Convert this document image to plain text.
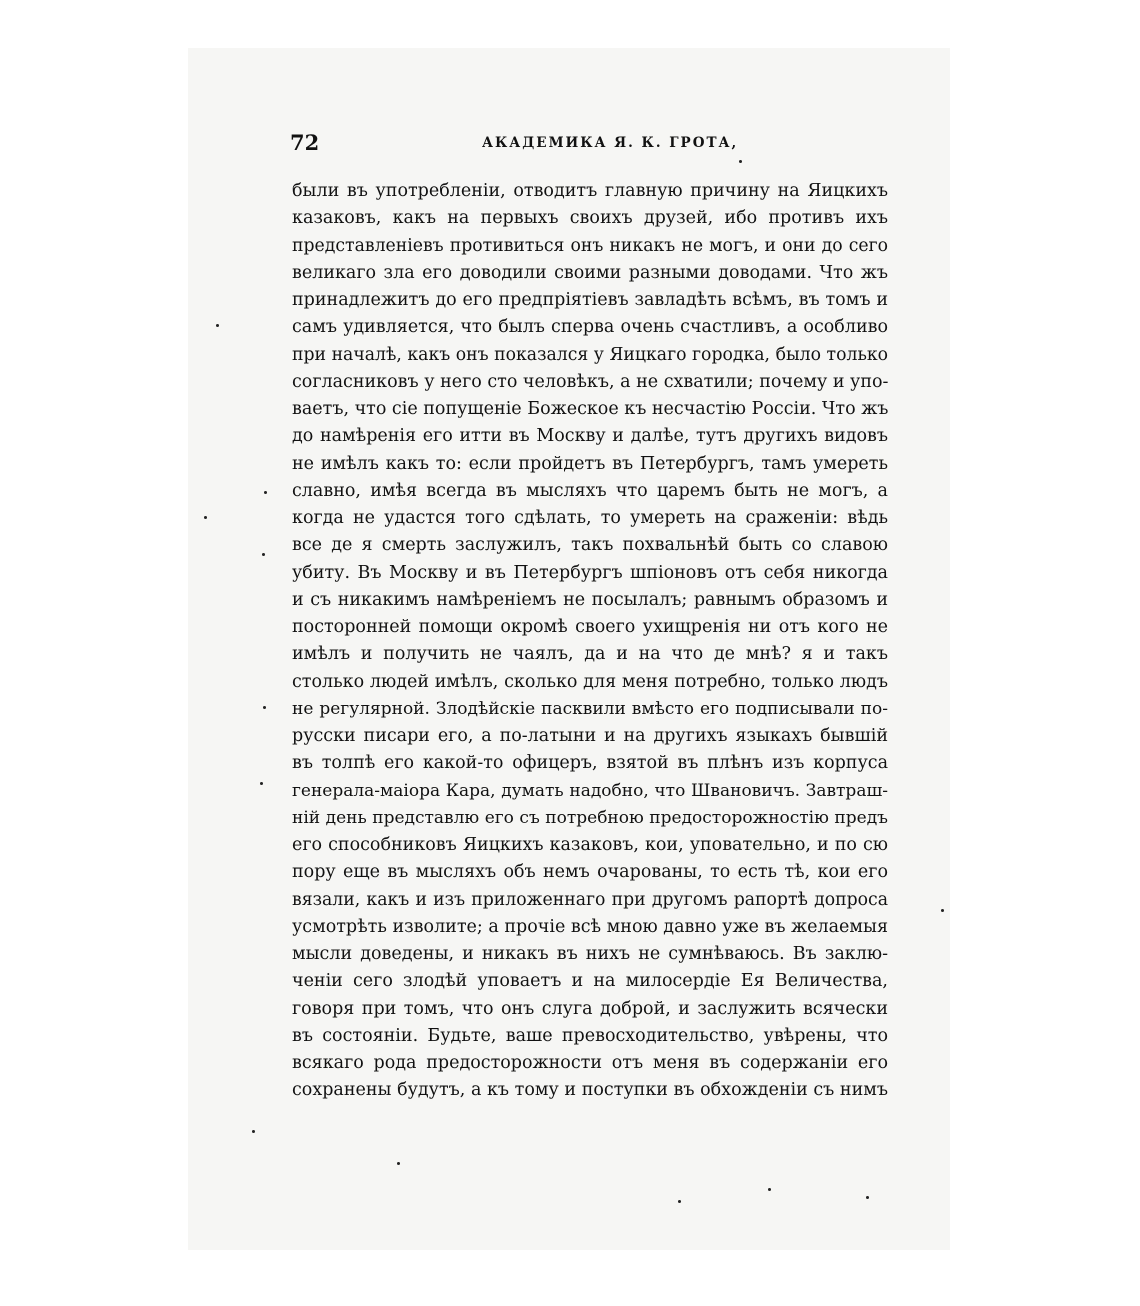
72	АКАДЕМИКА Я. К. ГРОТА,
были въ употребленіи, отводитъ главную причину на Яицкихъ
казаковъ, какъ на первыхъ своихъ друзей, ибо противъ ихъ
представленіевъ противиться онъ никакъ не могъ, и они до сего
великаго зла его доводили своими разными доводами. Что жъ
принадлежитъ до его предпріятіевъ завладѣть всѣмъ, въ томъ и
самъ удивляется, что былъ сперва очень счастливъ, а особливо
при началѣ, какъ онъ показался у Яицкаго городка, было только
согласниковъ у него сто человѣкъ, а не схватили; почему и упо-
ваетъ, что сіе попущеніе Божеское къ несчастію Россіи. Что жъ
до намѣренія его итти въ Москву и далѣе, тутъ другихъ видовъ
не имѣлъ какъ то: если пройдетъ въ Петербургъ, тамъ умереть
славно, имѣя всегда въ мысляхъ что царемъ быть не могъ, а
когда не удастся того сдѣлать, то умереть на сраженіи: вѣдь
все де я смерть заслужилъ, такъ похвальнѣй быть со славою
убиту. Въ Москву и въ Петербургъ шпіоновъ отъ себя никогда
и съ никакимъ намѣреніемъ не посылалъ; равнымъ образомъ и
посторонней помощи окромѣ своего ухищренія ни отъ кого не
имѣлъ и получить не чаялъ, да и на что де мнѣ? я и такъ
столько людей имѣлъ, сколько для меня потребно, только людъ
не регулярной. Злодѣйскіе пасквили вмѣсто его подписывали по-
русски писари его, а по-латыни и на другихъ языкахъ бывшій
въ толпѣ его какой-то офицеръ, взятой въ плѣнъ изъ корпуса
генерала-маіора Кара, думать надобно, что Швановичъ. Завтраш-
ній день представлю его съ потребною предосторожностію предъ
его способниковъ Яицкихъ казаковъ, кои, уповательно, и по сю
пору еще въ мысляхъ объ немъ очарованы, то есть тѣ, кои его
вязали, какъ и изъ приложеннаго при другомъ рапортѣ допроса
усмотрѣть изволите; а прочіе всѣ мною давно уже въ желаемыя
мысли доведены, и никакъ въ нихъ не сумнѣваюсь. Въ заклю-
ченіи сего злодѣй уповаетъ и на милосердіе Ея Величества,
говоря при томъ, что онъ слуга доброй, и заслужить всячески
въ состояніи. Будьте, ваше превосходительство, увѣрены, что
всякаго рода предосторожности отъ меня въ содержаніи его
сохранены будутъ, а къ тому и поступки въ обхожденіи съ нимъ
